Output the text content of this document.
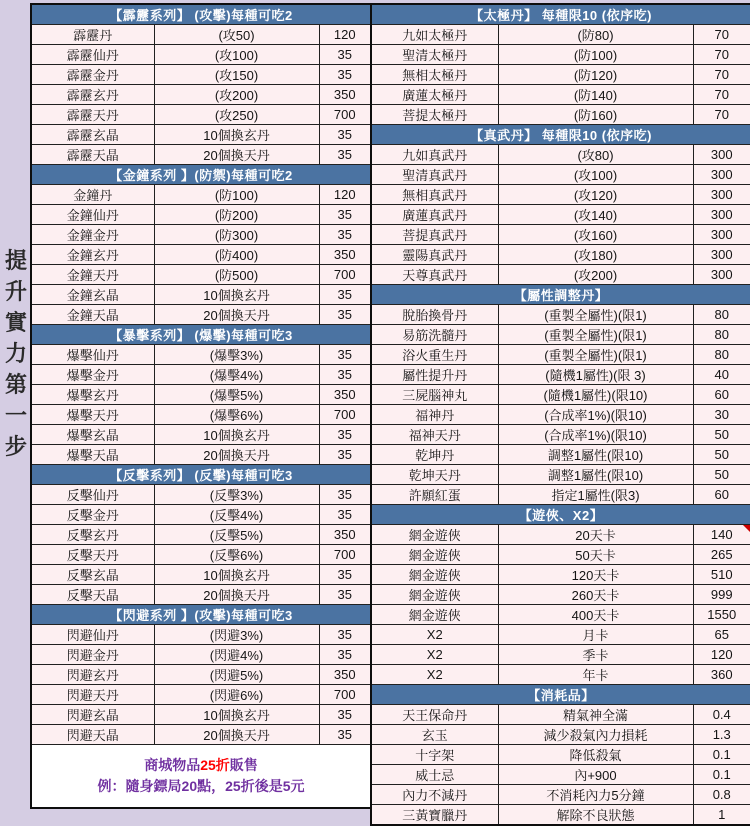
提升實力第一步
【霹靂系列】 (攻擊)每種可吃2		
霹靂丹	(攻50)	120
霹靂仙丹	(攻100)	35
霹靂金丹	(攻150)	35
霹靂玄丹	(攻200)	350
霹靂天丹	(攻250)	700
霹靂玄晶	10個換玄丹	35
霹靂天晶	20個換天丹	35
【金鐘系列 】(防禦)每種可吃2		
金鐘丹	(防100)	120
金鐘仙丹	(防200)	35
金鐘金丹	(防300)	35
金鐘玄丹	(防400)	350
金鐘天丹	(防500)	700
金鐘玄晶	10個換玄丹	35
金鐘天晶	20個換天丹	35
【暴擊系列】 (爆擊)每種可吃3		
爆擊仙丹	(爆擊3%)	35
爆擊金丹	(爆擊4%)	35
爆擊玄丹	(爆擊5%)	350
爆擊天丹	(爆擊6%)	700
爆擊玄晶	10個換玄丹	35
爆擊天晶	20個換天丹	35
【反擊系列】 (反擊)每種可吃3		
反擊仙丹	(反擊3%)	35
反擊金丹	(反擊4%)	35
反擊玄丹	(反擊5%)	350
反擊天丹	(反擊6%)	700
反擊玄晶	10個換玄丹	35
反擊天晶	20個換天丹	35
【閃避系列 】(攻擊)每種可吃3		
閃避仙丹	(閃避3%)	35
閃避金丹	(閃避4%)	35
閃避玄丹	(閃避5%)	350
閃避天丹	(閃避6%)	700
閃避玄晶	10個換玄丹	35
閃避天晶	20個換天丹	35

商城物品25折販售
例：隨身鏢局20點，25折後是5元		
【太極丹】 每種限10 (依序吃)		
九如太極丹	(防80)	70
聖清太極丹	(防100)	70
無相太極丹	(防120)	70
廣蓮太極丹	(防140)	70
菩提太極丹	(防160)	70
【真武丹】 每種限10 (依序吃)		
九如真武丹	(攻80)	300
聖清真武丹	(攻100)	300
無相真武丹	(攻120)	300
廣蓮真武丹	(攻140)	300
菩提真武丹	(攻160)	300
靈陽真武丹	(攻180)	300
天尊真武丹	(攻200)	300
【屬性調整丹】		
脫胎換骨丹	(重製全屬性)(限1)	80
易筋洗髓丹	(重製全屬性)(限1)	80
浴火重生丹	(重製全屬性)(限1)	80
屬性提升丹	(隨機1屬性)(限 3)	40
三屍腦神丸	(隨機1屬性)(限10)	60
福神丹	(合成率1%)(限10)	30
福神天丹	(合成率1%)(限10)	50
乾坤丹	調整1屬性(限10)	50
乾坤天丹	調整1屬性(限10)	50
許願紅蛋	指定1屬性(限3)	60
【遊俠、X2】		
網金遊俠	20天卡	140

網金遊俠	50天卡	265
網金遊俠	120天卡	510
網金遊俠	260天卡	999
網金遊俠	400天卡	1550
X2	月卡	65
X2	季卡	120
X2	年卡	360
【消耗品】		
天王保命丹	精氣神全滿	0.4
玄玉	減少殺氣內力損耗	1.3
十字架	降低殺氣	0.1
威士忌	內+900	0.1
內力不減丹	不消耗內力5分鐘	0.8
三黃寶臘丹	解除不良狀態	1
